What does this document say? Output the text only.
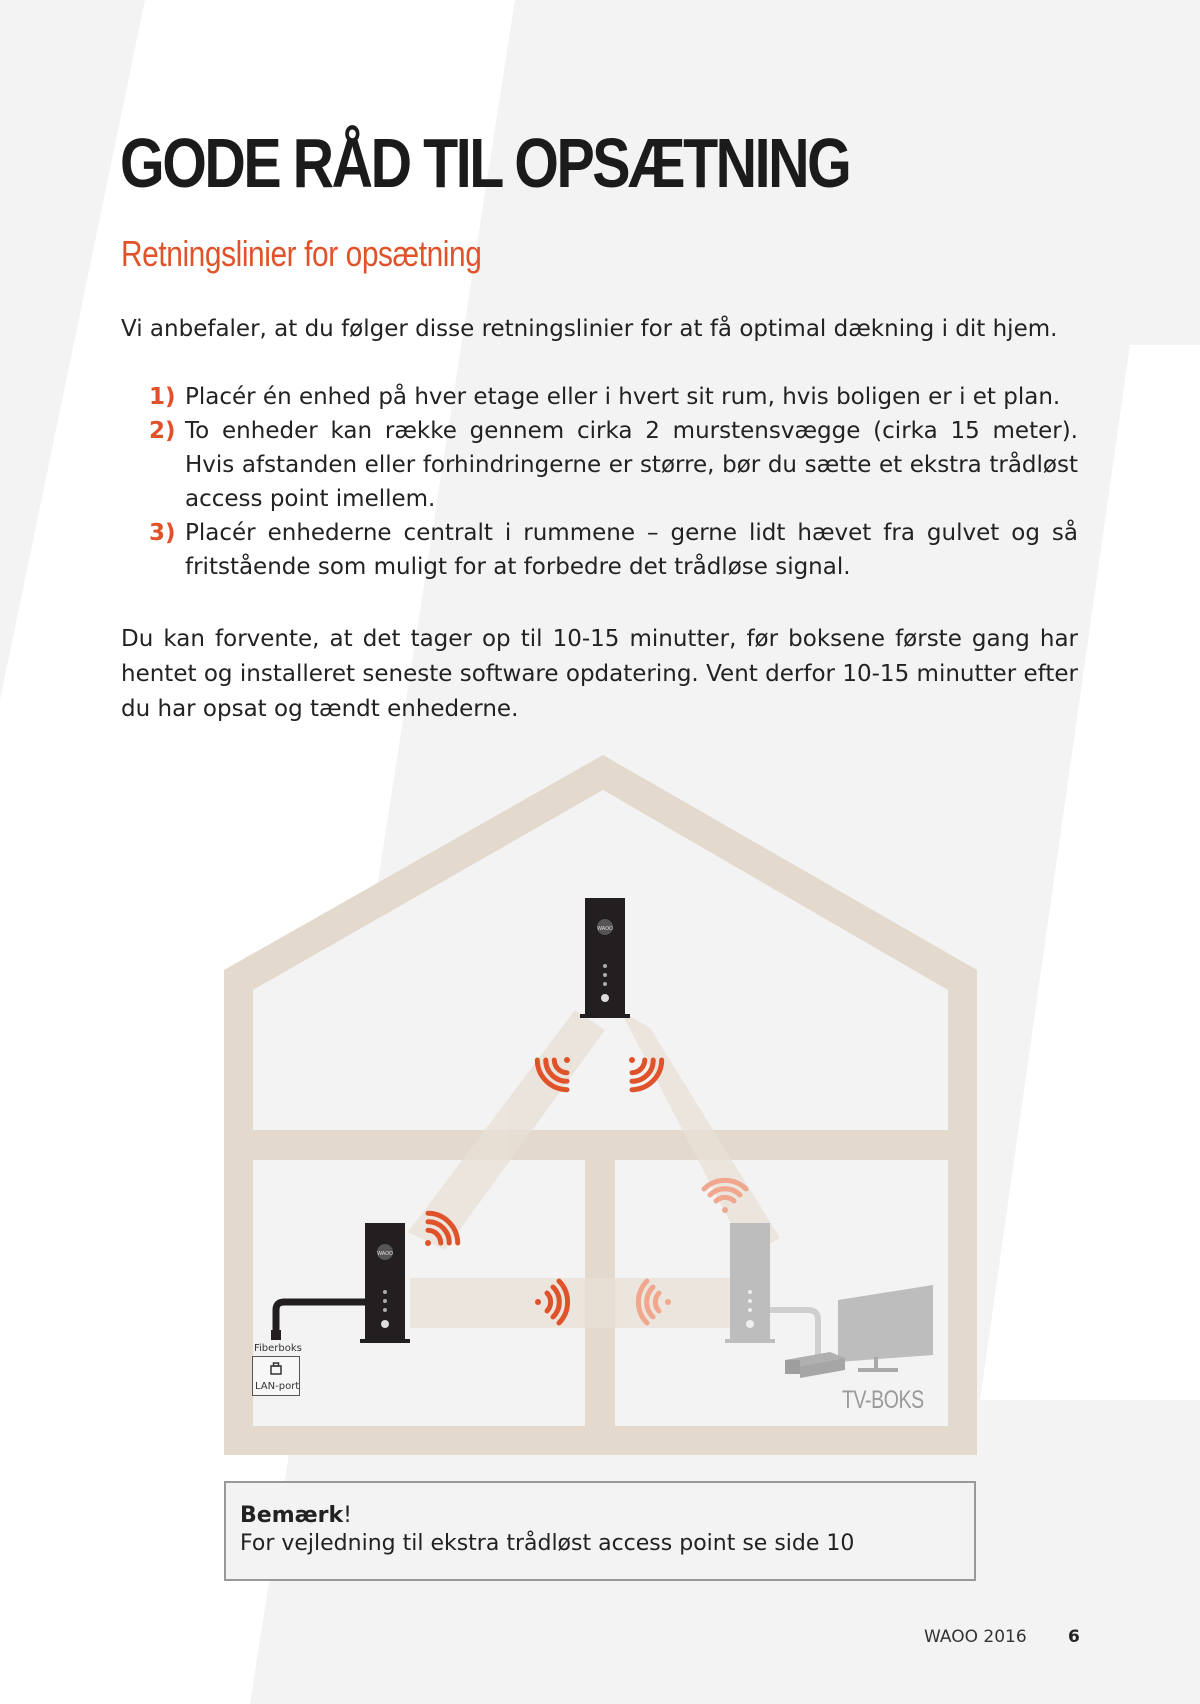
GODE RÅD TIL OPSÆTNING
Retningslinier for opsætning

Vi anbefaler, at du følger disse retningslinier for at få optimal dækning i dit hjem.

1) Placér én enhed på hver etage eller i hvert sit rum, hvis boligen er i et plan.
2) To enheder kan række gennem cirka 2 murstensvægge (cirka 15 meter). Hvis afstanden eller forhindringerne er større, bør du sætte et ekstra trådløst access point imellem.
3) Placér enhederne centralt i rummene – gerne lidt hævet fra gulvet og så fritstående som muligt for at forbedre det trådløse signal.

Du kan forvente, at det tager op til 10-15 minutter, før boksene første gang har hentet og installeret seneste software opdatering. Vent derfor 10-15 minutter efter du har opsat og tændt enhederne.

WAOO
WAOO
Fiberboks
LAN-port	TV-BOKS
Bemærk!
For vejledning til ekstra trådløst access point se side 10
WAOO 2016 6
